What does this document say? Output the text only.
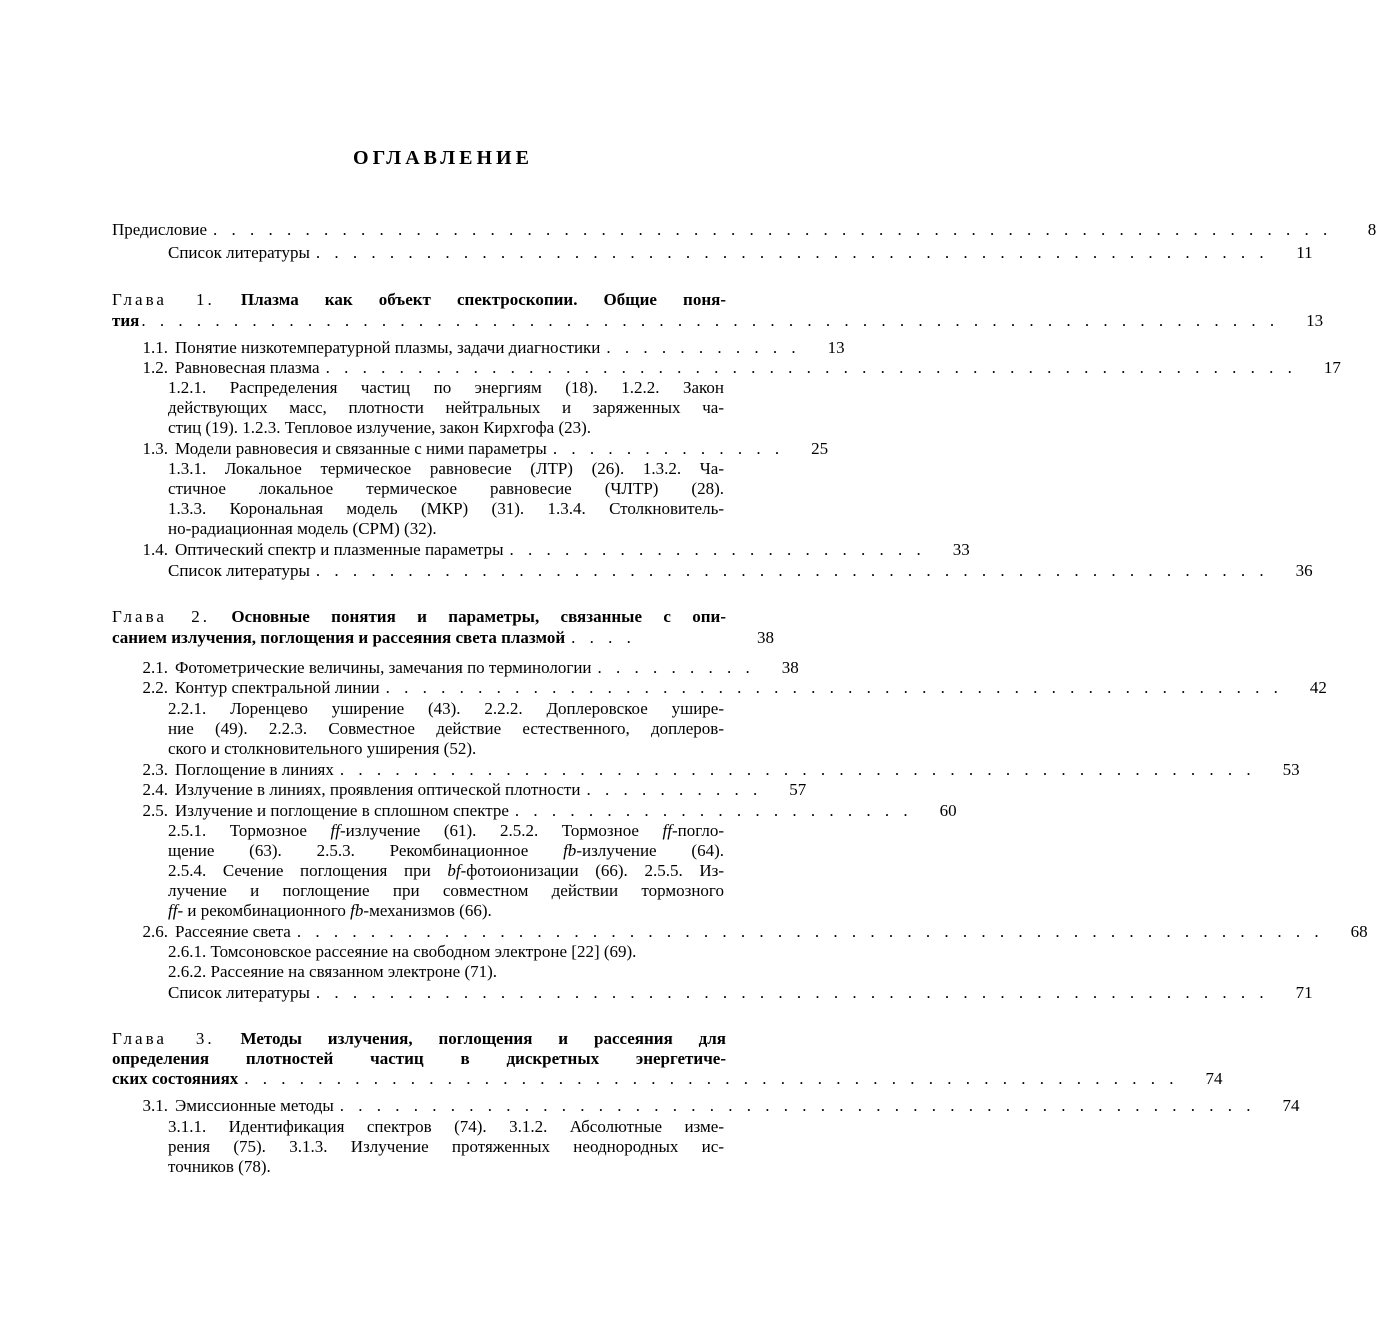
ОГЛАВЛЕНИЕ
Предисловие . . . . . . . . . . . . . . . . . . . . . . . . . . . . . . . . . . . . . . . . . . . . . . . . . . . . . . . . . . . . .	8
Список литературы . . . . . . . . . . . . . . . . . . . . . . . . . . . . . . . . . . . . . . . . . . . . . . . . . . . .	11
Глава 1. Плазма как объект спектроскопии. Общие поня-
тия . . . . . . . . . . . . . . . . . . . . . . . . . . . . . . . . . . . . . . . . . . . . . . . . . . . . . . . . . . . . . .	13
1.1. Понятие низкотемпературной плазмы, задачи диагностики . . . . . . . . . . .	13
1.2. Равновесная плазма . . . . . . . . . . . . . . . . . . . . . . . . . . . . . . . . . . . . . . . . . . . . . . . . . . . . .	17
1.2.1. Распределения частиц по энергиям (18). 1.2.2. Закон
действующих масс, плотности нейтральных и заряженных ча-
стиц (19). 1.2.3. Тепловое излучение, закон Кирхгофа (23).
1.3. Модели равновесия и связанные с ними параметры . . . . . . . . . . . . .	25
1.3.1. Локальное термическое равновесие (ЛТР) (26). 1.3.2. Ча-
стичное локальное термическое равновесие (ЧЛТР) (28).
1.3.3. Корональная модель (МКР) (31). 1.3.4. Столкновитель-
но-радиационная модель (СРМ) (32).
1.4. Оптический спектр и плазменные параметры . . . . . . . . . . . . . . . . . . . . . . .	33
Список литературы . . . . . . . . . . . . . . . . . . . . . . . . . . . . . . . . . . . . . . . . . . . . . . . . . . . .	36
Глава 2. Основные понятия и параметры, связанные с опи-
санием излучения, поглощения и рассеяния света плазмой . . . .	38
2.1. Фотометрические величины, замечания по терминологии . . . . . . . . .	38
2.2. Контур спектральной линии . . . . . . . . . . . . . . . . . . . . . . . . . . . . . . . . . . . . . . . . . . . . . . . . .	42
2.2.1. Лоренцево уширение (43). 2.2.2. Доплеровское ушире-
ние (49). 2.2.3. Совместное действие естественного, доплеров-
ского и столкновительного уширения (52).
2.3. Поглощение в линиях . . . . . . . . . . . . . . . . . . . . . . . . . . . . . . . . . . . . . . . . . . . . . . . . . .	53
2.4. Излучение в линиях, проявления оптической плотности . . . . . . . . . .	57
2.5. Излучение и поглощение в сплошном спектре . . . . . . . . . . . . . . . . . . . . . .	60
2.5.1. Тормозное ff-излучение (61). 2.5.2. Тормозное ff-погло-
щение (63). 2.5.3. Рекомбинационное fb-излучение (64).
2.5.4. Сечение поглощения при bf-фотоионизации (66). 2.5.5. Из-
лучение и поглощение при совместном действии тормозного
ff- и рекомбинационного fb-механизмов (66).
2.6. Рассеяние света . . . . . . . . . . . . . . . . . . . . . . . . . . . . . . . . . . . . . . . . . . . . . . . . . . . . . . . .	68
2.6.1. Томсоновское рассеяние на свободном электроне [22] (69).
2.6.2. Рассеяние на связанном электроне (71).
Список литературы . . . . . . . . . . . . . . . . . . . . . . . . . . . . . . . . . . . . . . . . . . . . . . . . . . . .	71
Глава 3. Методы излучения, поглощения и рассеяния для
определения плотностей частиц в дискретных энергетиче-
ских состояниях . . . . . . . . . . . . . . . . . . . . . . . . . . . . . . . . . . . . . . . . . . . . . . . . . . .	74
3.1. Эмиссионные методы . . . . . . . . . . . . . . . . . . . . . . . . . . . . . . . . . . . . . . . . . . . . . . . . . .	74
3.1.1. Идентификация спектров (74). 3.1.2. Абсолютные изме-
рения (75). 3.1.3. Излучение протяженных неоднородных ис-
точников (78).
